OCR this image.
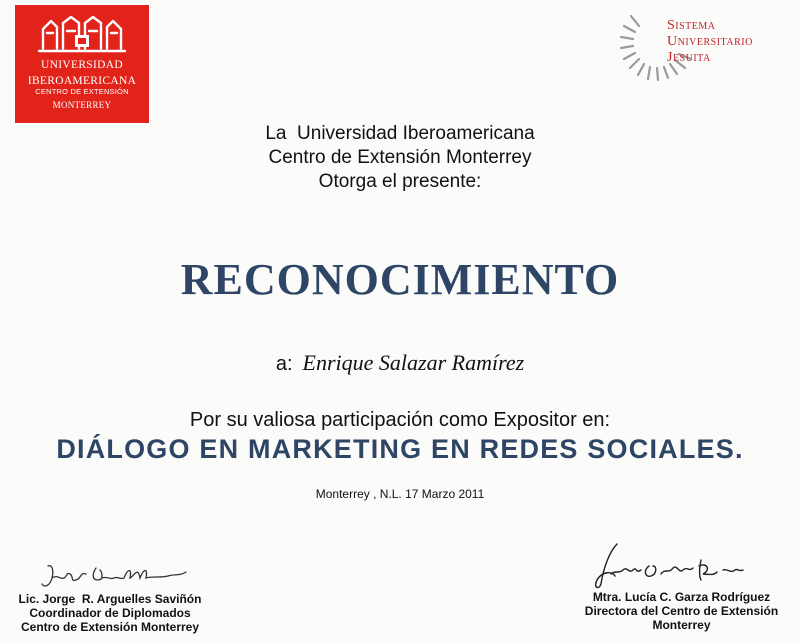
UNIVERSIDAD
IBEROAMERICANA
CENTRO DE EXTENSIÓN
MONTERREY
Sistema
Universitario
Jesuita
La  Universidad Iberoamericana
Centro de Extensión Monterrey
Otorga el presente:
RECONOCIMIENTO
a: Enrique Salazar Ramírez
Por su valiosa participación como Expositor en:
DIÁLOGO EN MARKETING EN REDES SOCIALES.
Monterrey , N.L. 17 Marzo 2011
Lic. Jorge  R. Arguelles Saviñón
Coordinador de Diplomados
Centro de Extensión Monterrey
Mtra. Lucía C. Garza Rodríguez
Directora del Centro de Extensión
Monterrey
